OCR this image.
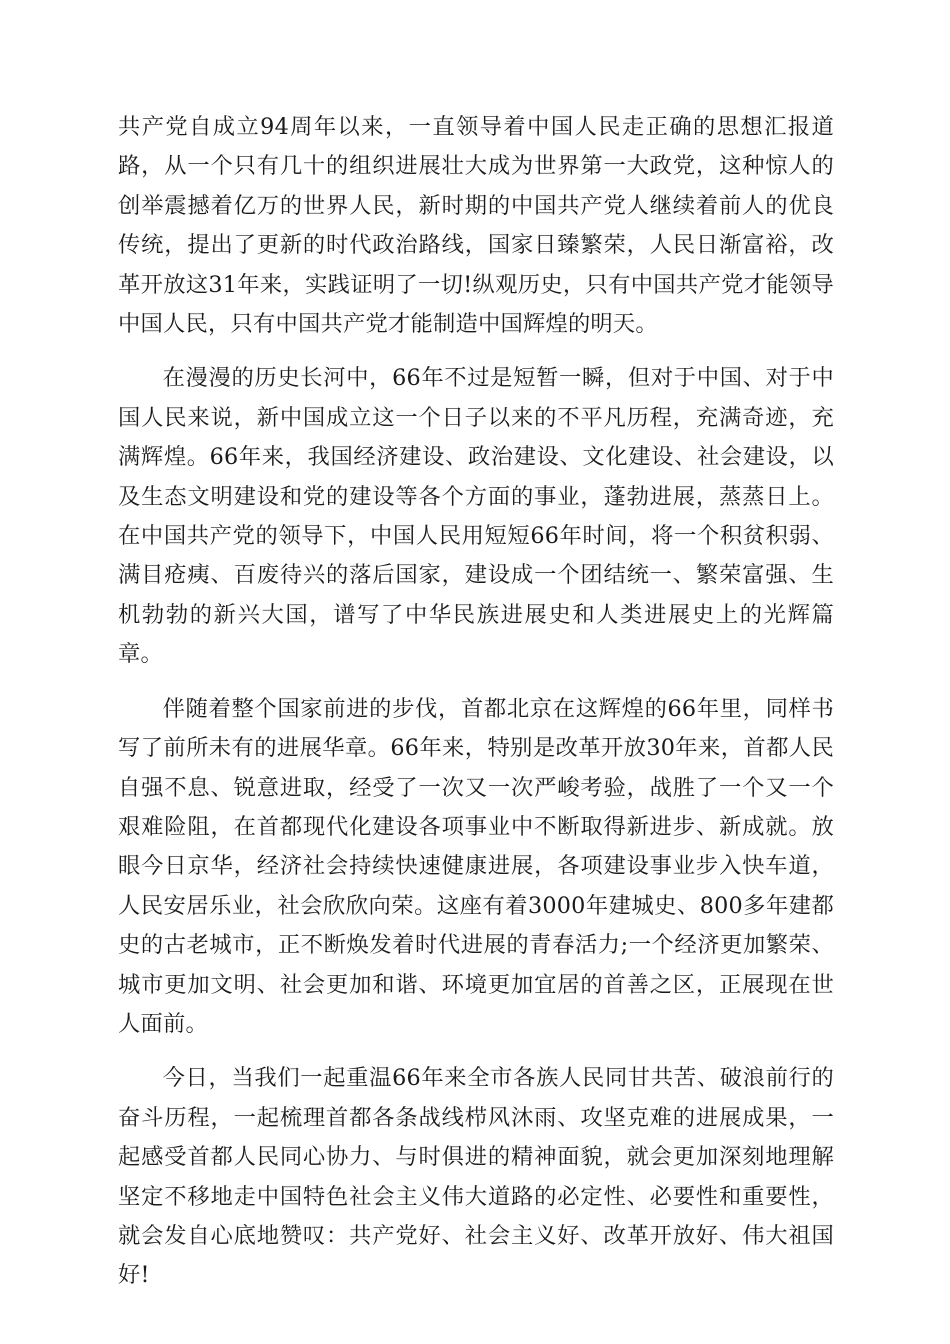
共产党自成立94周年以来，一直领导着中国人民走正确的思想汇报道路，从一个只有几十的组织进展壮大成为世界第一大政党，这种惊人的创举震撼着亿万的世界人民，新时期的中国共产党人继续着前人的优良传统，提出了更新的时代政治路线，国家日臻繁荣，人民日渐富裕，改革开放这31年来，实践证明了一切!纵观历史，只有中国共产党才能领导中国人民，只有中国共产党才能制造中国辉煌的明天。

在漫漫的历史长河中，66年不过是短暂一瞬，但对于中国、对于中国人民来说，新中国成立这一个日子以来的不平凡历程，充满奇迹，充满辉煌。66年来，我国经济建设、政治建设、文化建设、社会建设，以及生态文明建设和党的建设等各个方面的事业，蓬勃进展，蒸蒸日上。在中国共产党的领导下，中国人民用短短66年时间，将一个积贫积弱、满目疮痍、百废待兴的落后国家，建设成一个团结统一、繁荣富强、生机勃勃的新兴大国，谱写了中华民族进展史和人类进展史上的光辉篇章。

伴随着整个国家前进的步伐，首都北京在这辉煌的66年里，同样书写了前所未有的进展华章。66年来，特别是改革开放30年来，首都人民自强不息、锐意进取，经受了一次又一次严峻考验，战胜了一个又一个艰难险阻，在首都现代化建设各项事业中不断取得新进步、新成就。放眼今日京华，经济社会持续快速健康进展，各项建设事业步入快车道，人民安居乐业，社会欣欣向荣。这座有着3000年建城史、800多年建都史的古老城市，正不断焕发着时代进展的青春活力;一个经济更加繁荣、城市更加文明、社会更加和谐、环境更加宜居的首善之区，正展现在世人面前。

今日，当我们一起重温66年来全市各族人民同甘共苦、破浪前行的奋斗历程，一起梳理首都各条战线栉风沐雨、攻坚克难的进展成果，一起感受首都人民同心协力、与时俱进的精神面貌，就会更加深刻地理解坚定不移地走中国特色社会主义伟大道路的必定性、必要性和重要性，就会发自心底地赞叹：共产党好、社会主义好、改革开放好、伟大祖国好!
